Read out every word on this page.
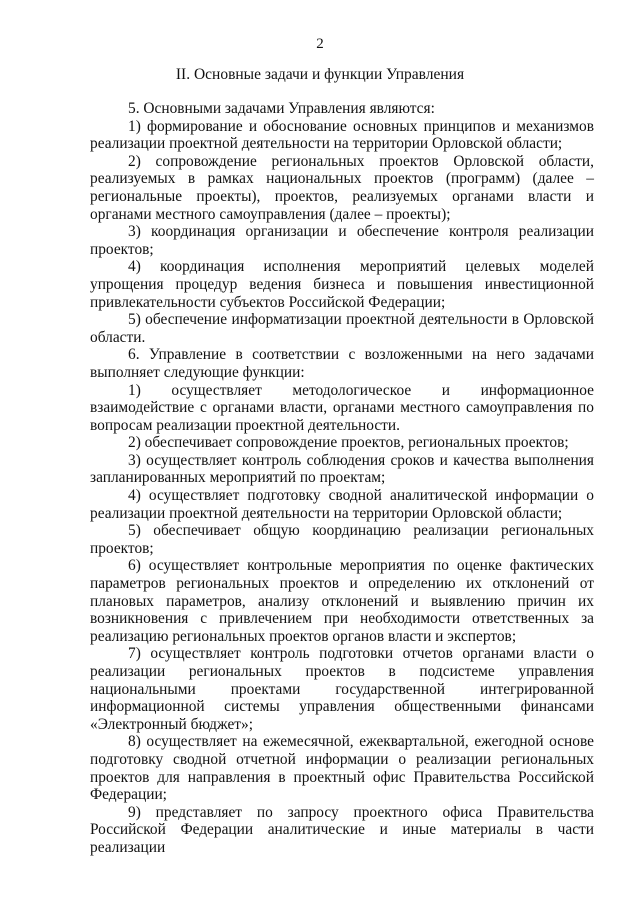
2
II. Основные задачи и функции Управления

5. Основными задачами Управления являются:

1) формирование и обоснование основных принципов и механизмов реализации проектной деятельности на территории Орловской области;

2) сопровождение региональных проектов Орловской области, реализуемых в рамках национальных проектов (программ) (далее – региональные проекты), проектов, реализуемых органами власти и органами местного самоуправления (далее – проекты);

3) координация организации и обеспечение контроля реализации проектов;

4) координация исполнения мероприятий целевых моделей упрощения процедур ведения бизнеса и повышения инвестиционной привлекательности субъектов Российской Федерации;

5) обеспечение информатизации проектной деятельности в Орловской области.

6. Управление в соответствии с возложенными на него задачами выполняет следующие функции:

1) осуществляет методологическое и информационное взаимодействие с органами власти, органами местного самоуправления по вопросам реализации проектной деятельности.

2) обеспечивает сопровождение проектов, региональных проектов;

3) осуществляет контроль соблюдения сроков и качества выполнения запланированных мероприятий по проектам;

4) осуществляет подготовку сводной аналитической информации о реализации проектной деятельности на территории Орловской области;

5) обеспечивает общую координацию реализации региональных проектов;

6) осуществляет контрольные мероприятия по оценке фактических параметров региональных проектов и определению их отклонений от плановых параметров, анализу отклонений и выявлению причин их возникновения с привлечением при необходимости ответственных за реализацию региональных проектов органов власти и экспертов;

7) осуществляет контроль подготовки отчетов органами власти о реализации региональных проектов в подсистеме управления национальными проектами государственной интегрированной информационной системы управления общественными финансами «Электронный бюджет»;

8) осуществляет на ежемесячной, ежеквартальной, ежегодной основе подготовку сводной отчетной информации о реализации региональных проектов для направления в проектный офис Правительства Российской Федерации;

9) представляет по запросу проектного офиса Правительства Российской Федерации аналитические и иные материалы в части реализации
